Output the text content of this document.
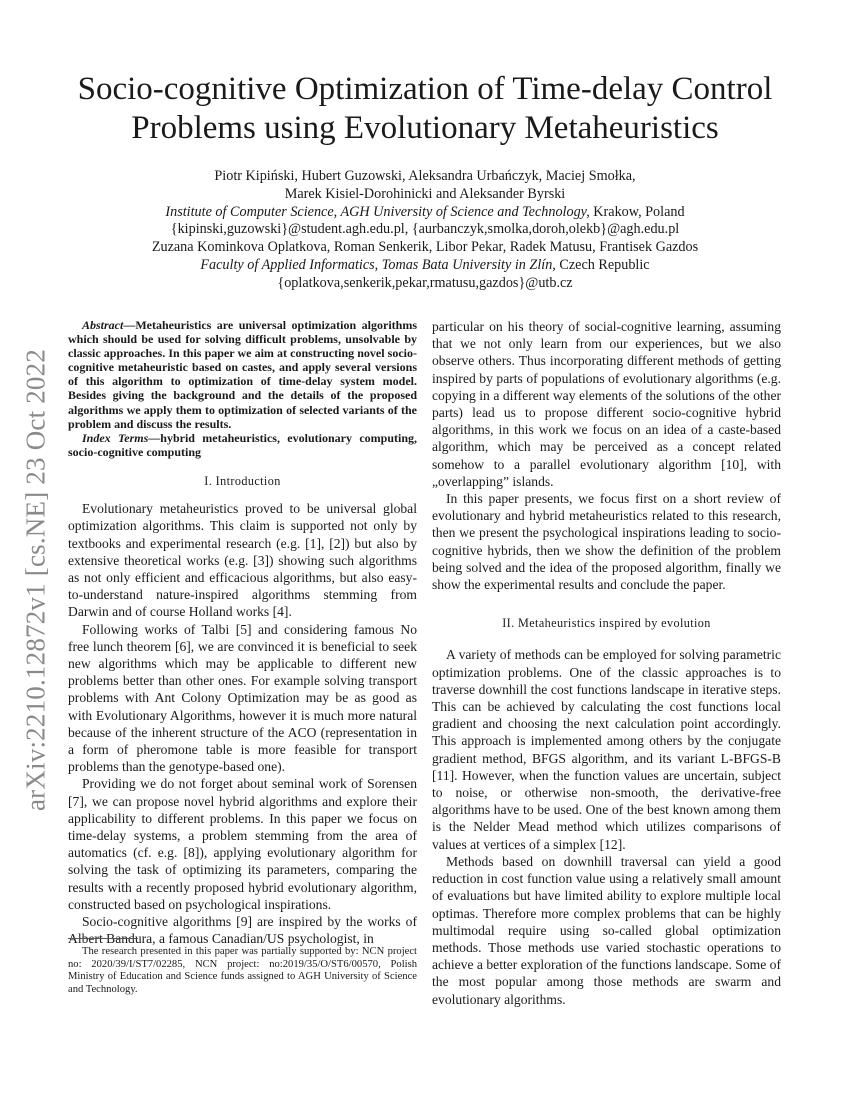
arXiv:2210.12872v1 [cs.NE] 23 Oct 2022
Socio-cognitive Optimization of Time-delay Control Problems using Evolutionary Metaheuristics
Piotr Kipiński, Hubert Guzowski, Aleksandra Urbańczyk, Maciej Smołka,
Marek Kisiel-Dorohinicki and Aleksander Byrski
Institute of Computer Science, AGH University of Science and Technology, Krakow, Poland
{kipinski,guzowski}@student.agh.edu.pl, {aurbanczyk,smolka,doroh,olekb}@agh.edu.pl
Zuzana Kominkova Oplatkova, Roman Senkerik, Libor Pekar, Radek Matusu, Frantisek Gazdos
Faculty of Applied Informatics, Tomas Bata University in Zlín, Czech Republic
{oplatkova,senkerik,pekar,rmatusu,gazdos}@utb.cz

Abstract—Metaheuristics are universal optimization algorithms which should be used for solving difficult problems, unsolvable by classic approaches. In this paper we aim at constructing novel socio-cognitive metaheuristic based on castes, and apply several versions of this algorithm to optimization of time-delay system model. Besides giving the background and the details of the proposed algorithms we apply them to optimization of selected variants of the problem and discuss the results.

Index Terms—hybrid metaheuristics, evolutionary computing, socio-cognitive computing

I. Introduction

Evolutionary metaheuristics proved to be universal global optimization algorithms. This claim is supported not only by textbooks and experimental research (e.g. [1], [2]) but also by extensive theoretical works (e.g. [3]) showing such algorithms as not only efficient and efficacious algorithms, but also easy-to-understand nature-inspired algorithms stemming from Darwin and of course Holland works [4].

Following works of Talbi [5] and considering famous No free lunch theorem [6], we are convinced it is beneficial to seek new algorithms which may be applicable to different new problems better than other ones. For example solving transport problems with Ant Colony Optimization may be as good as with Evolutionary Algorithms, however it is much more natural because of the inherent structure of the ACO (representation in a form of pheromone table is more feasible for transport problems than the genotype-based one).

Providing we do not forget about seminal work of Sorensen [7], we can propose novel hybrid algorithms and explore their applicability to different problems. In this paper we focus on time-delay systems, a problem stemming from the area of automatics (cf. e.g. [8]), applying evolutionary algorithm for solving the task of optimizing its parameters, comparing the results with a recently proposed hybrid evolutionary algorithm, constructed based on psychological inspirations.

Socio-cognitive algorithms [9] are inspired by the works of Albert Bandura, a famous Canadian/US psychologist, in

The research presented in this paper was partially supported by: NCN project no: 2020/39/I/ST7/02285, NCN project: no:2019/35/O/ST6/00570, Polish Ministry of Education and Science funds assigned to AGH University of Science and Technology.

particular on his theory of social-cognitive learning, assuming that we not only learn from our experiences, but we also observe others. Thus incorporating different methods of getting inspired by parts of populations of evolutionary algorithms (e.g. copying in a different way elements of the solutions of the other parts) lead us to propose different socio-cognitive hybrid algorithms, in this work we focus on an idea of a caste-based algorithm, which may be perceived as a concept related somehow to a parallel evolutionary algorithm [10], with „overlapping” islands.

In this paper presents, we focus first on a short review of evolutionary and hybrid metaheuristics related to this research, then we present the psychological inspirations leading to socio-cognitive hybrids, then we show the definition of the problem being solved and the idea of the proposed algorithm, finally we show the experimental results and conclude the paper.

II. Metaheuristics inspired by evolution

A variety of methods can be employed for solving parametric optimization problems. One of the classic approaches is to traverse downhill the cost functions landscape in iterative steps. This can be achieved by calculating the cost functions local gradient and choosing the next calculation point accordingly. This approach is implemented among others by the conjugate gradient method, BFGS algorithm, and its variant L-BFGS-B [11]. However, when the function values are uncertain, subject to noise, or otherwise non-smooth, the derivative-free algorithms have to be used. One of the best known among them is the Nelder Mead method which utilizes comparisons of values at vertices of a simplex [12].

Methods based on downhill traversal can yield a good reduction in cost function value using a relatively small amount of evaluations but have limited ability to explore multiple local optimas. Therefore more complex problems that can be highly multimodal require using so-called global optimization methods. Those methods use varied stochastic operations to achieve a better exploration of the functions landscape. Some of the most popular among those methods are swarm and evolutionary algorithms.
